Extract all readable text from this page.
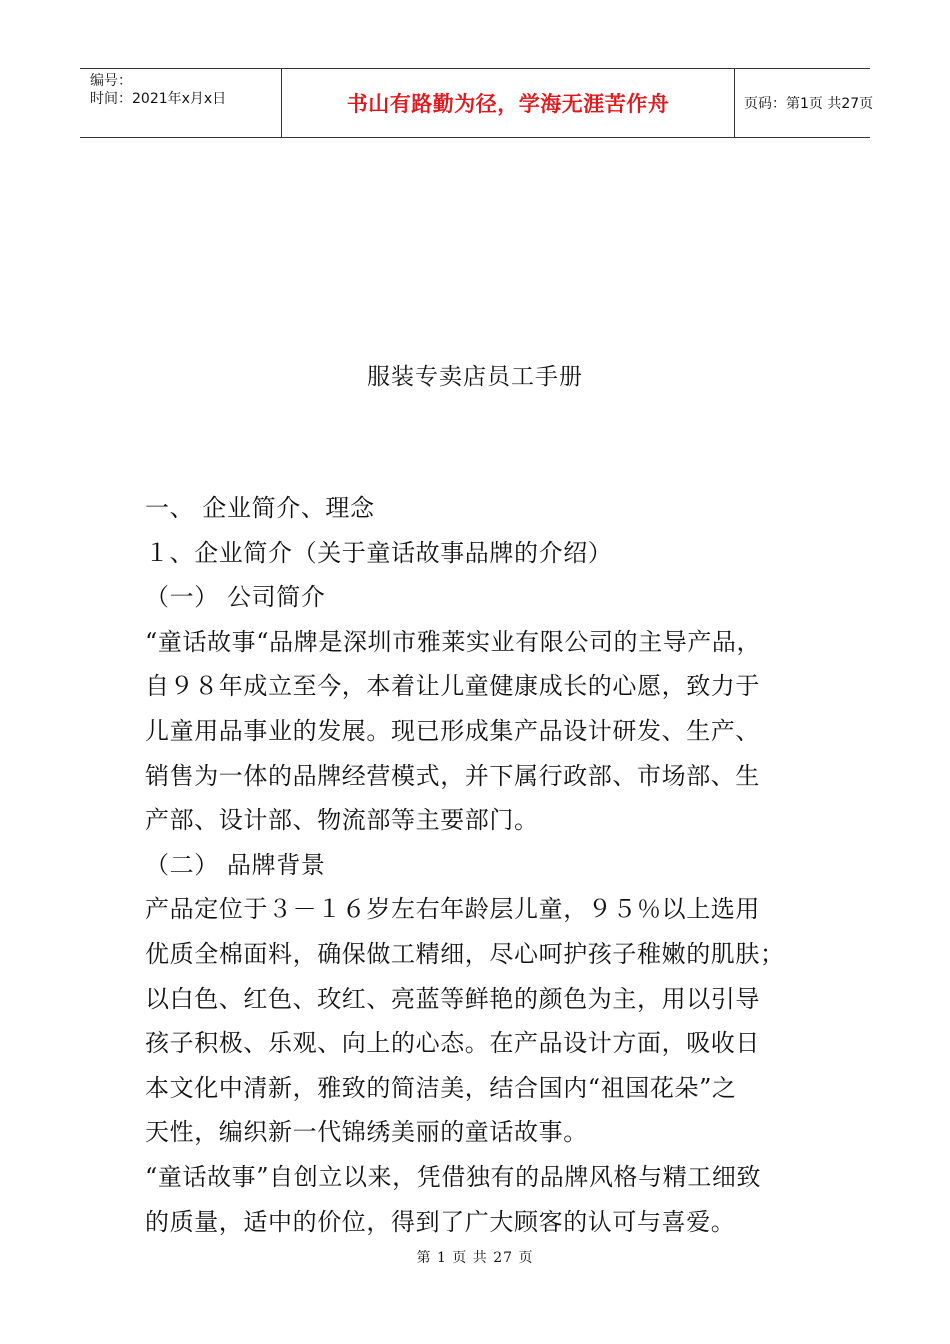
编号：
时间：2021年x月x日	书山有路勤为径，学海无涯苦作舟	页码：第1页 共27页
服装专卖店员工手册
一、 企业简介、理念
１、企业简介（关于童话故事品牌的介绍）
（一） 公司简介
“童话故事“品牌是深圳市雅莱实业有限公司的主导产品，
自９８年成立至今，本着让儿童健康成长的心愿，致力于
儿童用品事业的发展。现已形成集产品设计研发、生产、
销售为一体的品牌经营模式，并下属行政部、市场部、生
产部、设计部、物流部等主要部门。
（二） 品牌背景
产品定位于３－１６岁左右年龄层儿童，９５％以上选用
优质全棉面料，确保做工精细，尽心呵护孩子稚嫩的肌肤；
以白色、红色、玫红、亮蓝等鲜艳的颜色为主，用以引导
孩子积极、乐观、向上的心态。在产品设计方面，吸收日
本文化中清新，雅致的简洁美，结合国内“祖国花朵”之
天性，编织新一代锦绣美丽的童话故事。
“童话故事”自创立以来，凭借独有的品牌风格与精工细致
的质量，适中的价位，得到了广大顾客的认可与喜爱。
第 1 页 共 27 页
